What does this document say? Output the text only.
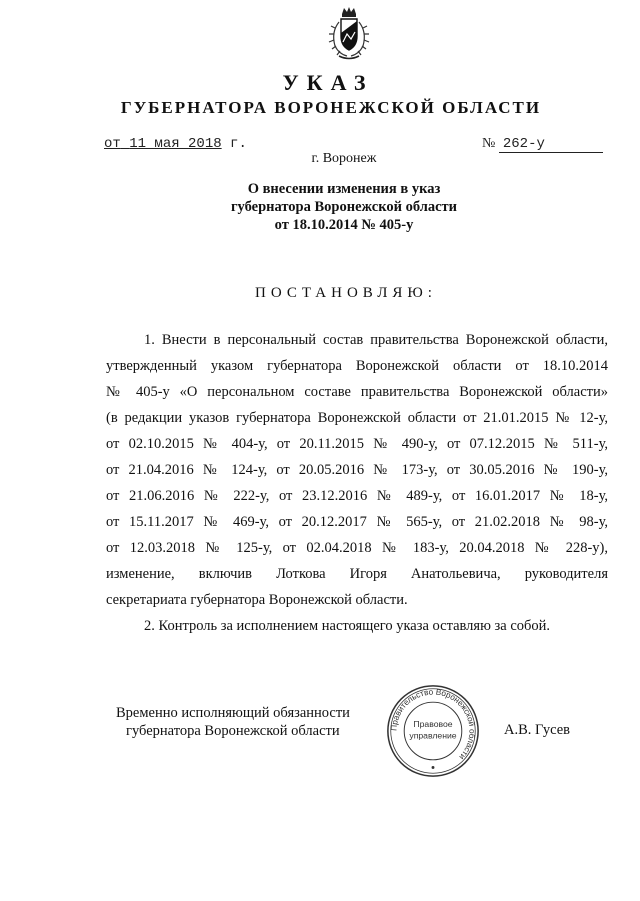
УКАЗ
ГУБЕРНАТОРА ВОРОНЕЖСКОЙ ОБЛАСТИ
от 11 мая 2018 г.	№ 262-у
г. Воронеж
О внесении изменения в указ
губернатора Воронежской области
от 18.10.2014 № 405-у
ПОСТАНОВЛЯЮ:
1. Внести в персональный состав правительства Воронежской области,
утвержденный указом губернатора Воронежской области от 18.10.2014
№ 405-у «О персональном составе правительства Воронежской области»
(в редакции указов губернатора Воронежской области от 21.01.2015 № 12-у,
от 02.10.2015 № 404-у, от 20.11.2015 № 490-у, от 07.12.2015 № 511-у,
от 21.04.2016 № 124-у, от 20.05.2016 № 173-у, от 30.05.2016 № 190-у,
от 21.06.2016 № 222-у, от 23.12.2016 № 489-у, от 16.01.2017 № 18-у,
от 15.11.2017 № 469-у, от 20.12.2017 № 565-у, от 21.02.2018 № 98-у,
от 12.03.2018 № 125-у, от 02.04.2018 № 183-у, 20.04.2018 № 228-у),
изменение, включив Лоткова Игоря Анатольевича, руководителя
секретариата губернатора Воронежской области.
2. Контроль за исполнением настоящего указа оставляю за собой.
Временно исполняющий обязанности
губернатора Воронежской области	Правительство Воронежской области
Правовое
управление	А.В. Гусев
